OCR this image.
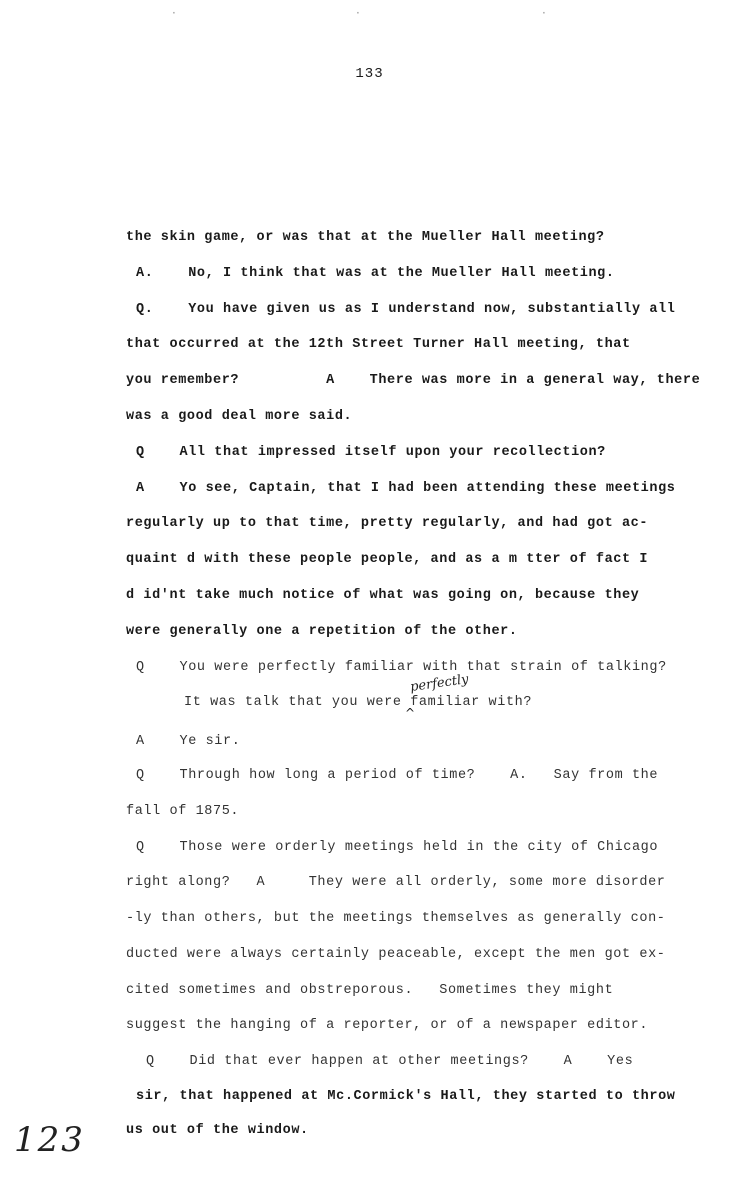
·	·	·
133
the skin game, or was that at the Mueller Hall meeting?
A.    No, I think that was at the Mueller Hall meeting.
Q.    You have given us as I understand now, substantially all
that occurred at the 12th Street Turner Hall meeting, that
you remember?          A    There was more in a general way, there
was a good deal more said.
Q    All that impressed itself upon your recollection?
A    Yo see, Captain, that I had been attending these meetings
regularly up to that time, pretty regularly, and had got ac-
quaint d with these people people, and as a m tter of fact I
d id'nt take much notice of what was going on, because they
were generally one a repetition of the other.
Q    You were perfectly familiar with that strain of talking?
It was talk that you were familiar with?
A    Ye sir.
Q    Through how long a period of time?    A.   Say from the
fall of 1875.
Q    Those were orderly meetings held in the city of Chicago
right along?   A     They were all orderly, some more disorder
-ly than others, but the meetings themselves as generally con-
ducted were always certainly peaceable, except the men got ex-
cited sometimes and obstreporous.   Sometimes they might
suggest the hanging of a reporter, or of a newspaper editor.
Q    Did that ever happen at other meetings?    A    Yes
sir, that happened at Mc.Cormick's Hall, they started to throw
us out of the window.
perfectly
^
123
